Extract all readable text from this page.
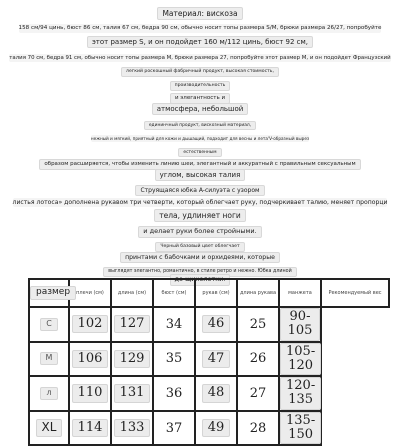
Материал: вискоза
158 см/94 цинь, бюст 86 см, талия 67 см, бедра 90 см, обычно носит топы размера S/M, брюки размера 26/27, попробуйте
этот размер S, и он подойдет 160 м/112 цинь, бюст 92 см,
талия 70 см, бедра 91 см, обычно носит топы размера M, брюки размера 27, попробуйте этот размер M, и он подойдет Французский
легкий роскошный фабричный продукт, высокая стоимость,
производительность
и элегантность и
атмосфера, небольшой
едининчный продукт, вискозный материал,
нежный и мягкий, приятный для кожи и дышащий, подходит для весны и лета'V-образный вырез
естественным
образом расширяется, чтобы изменить линию шеи, элегантный и аккуратный с правильным сексуальным
углом, высокая талия
Струящаяся юбка A-силуэта с узором
листья лотоса» дополнена рукавом три четверти, который облегчает руку, подчеркивает талию, меняет пропорци
тела, удлиняет ноги
и делает руки более стройными.
Черный базовый цвет облегчает
принтами с бабочками и орхидеями, которые
выглядят элегантно, романтично, в стиле ретро и нежно. Юбка длиной
до щиколотки.
размер	плечи (см)	длина (см)	бюст (см)	рукав (см)	длина рукава	манжета	Рекомендуемый вес
С	102	127	34	46	25	90-105	
M	106	129	35	47	26	105-120	
л	110	131	36	48	27	120-135	
XL	114	133	37	49	28	135-150	
